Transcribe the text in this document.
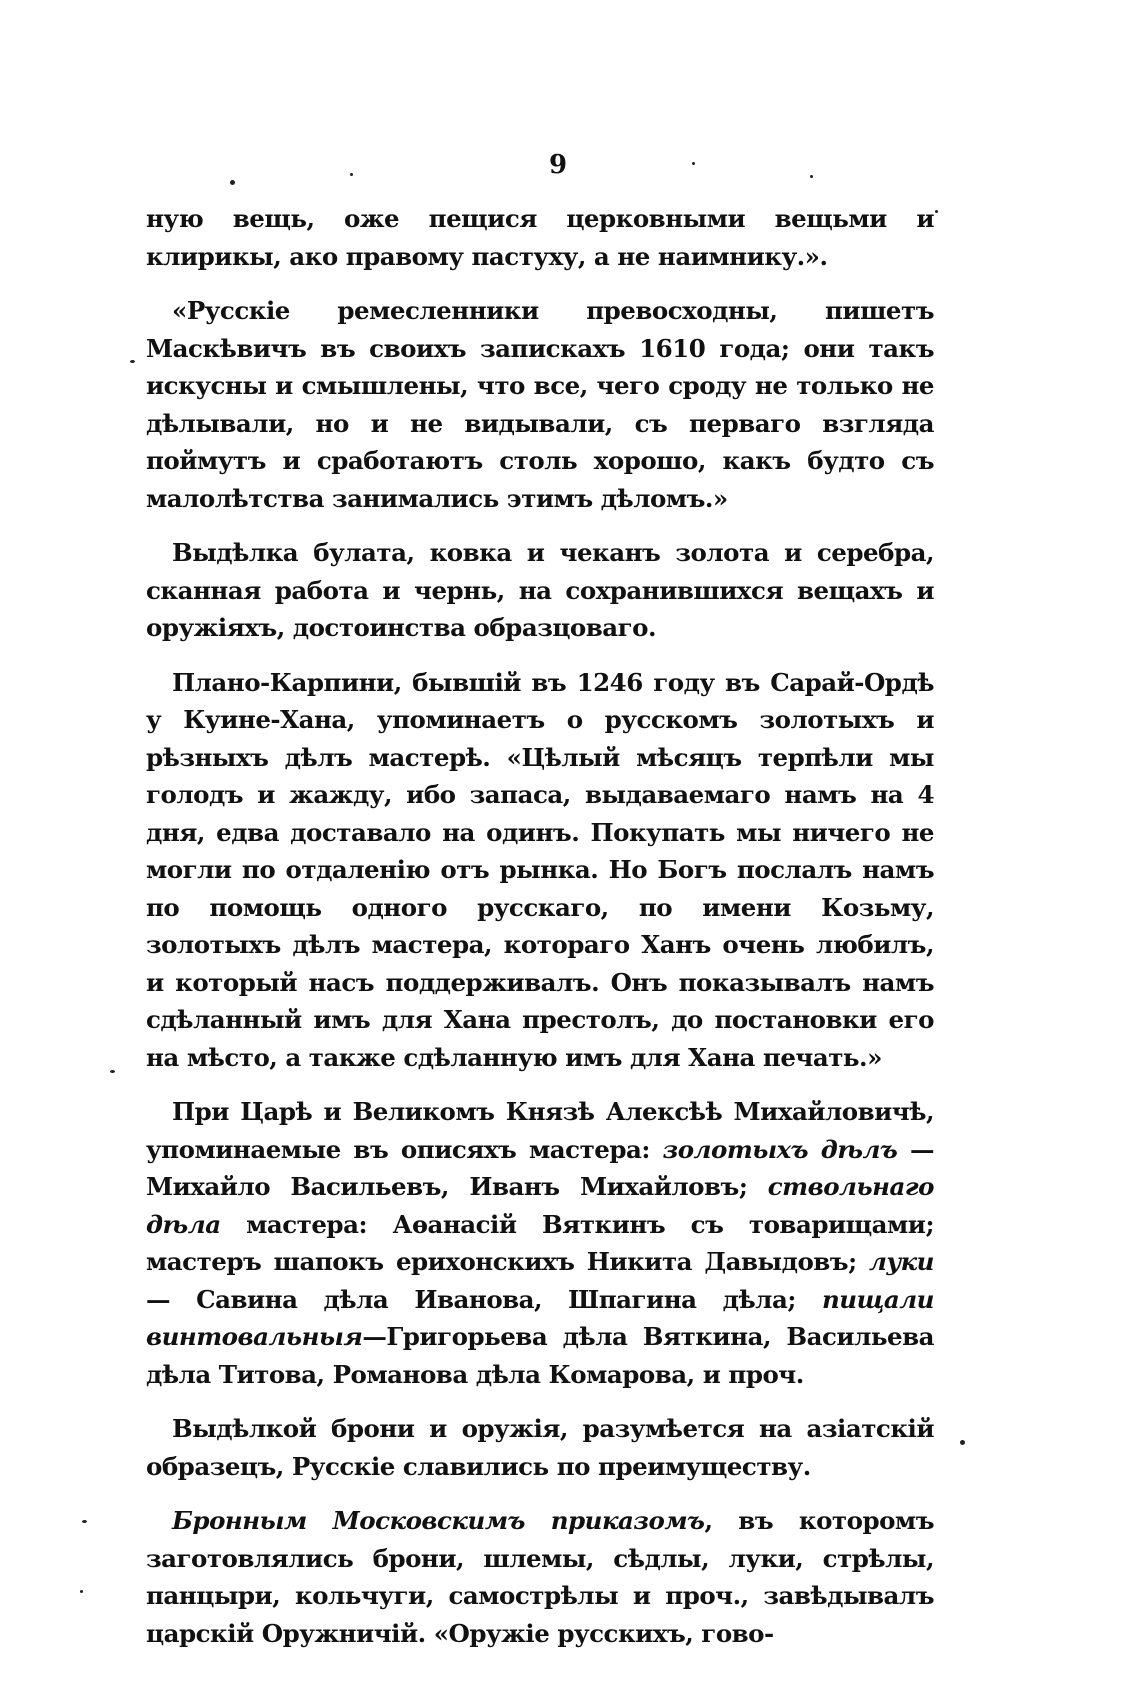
9

ную вещь, оже пещися церковными вещьми и клирикы, ако правому пастуху, а не наимнику.».

«Русскіе ремесленники превосходны, пишетъ Маскѣвичъ въ своихъ запискахъ 1610 года; они такъ искусны и смышлены, что все, чего сроду не только не дѣлывали, но и не видывали, съ перваго взгляда поймутъ и сработаютъ столь хорошо, какъ будто съ малолѣтства занимались этимъ дѣломъ.»

Выдѣлка булата, ковка и чеканъ золота и серебра, сканная работа и чернь, на сохранившихся вещахъ и оружіяхъ, достоинства образцоваго.

Плано-Карпини, бывшій въ 1246 году въ Сарай-Ордѣ у Куине-Хана, упоминаетъ о русскомъ золотыхъ и рѣзныхъ дѣлъ мастерѣ. «Цѣлый мѣсяцъ терпѣли мы голодъ и жажду, ибо запаса, выдаваемаго намъ на 4 дня, едва доставало на одинъ. Покупать мы ничего не могли по отдаленію отъ рынка. Но Богъ послалъ намъ по помощь одного русскаго, по имени Козьму, золотыхъ дѣлъ мастера, котораго Ханъ очень любилъ, и который насъ поддерживалъ. Онъ показывалъ намъ сдѣланный имъ для Хана престолъ, до постановки его на мѣсто, а также сдѣланную имъ для Хана печать.»

При Царѣ и Великомъ Князѣ Алексѣѣ Михайловичѣ, упоминаемые въ описяхъ мастера: золотыхъ дѣлъ — Михайло Васильевъ, Иванъ Михайловъ; ствольнаго дѣла мастера: Аѳанасій Вяткинъ съ товарищами; мастеръ шапокъ ерихонскихъ Никита Давыдовъ; луки— Савина дѣла Иванова, Шпагина дѣла; пищали винтовальныя—Григорьева дѣла Вяткина, Васильева дѣла Титова, Романова дѣла Комарова, и проч.

Выдѣлкой брони и оружія, разумѣется на азіатскій образецъ, Русскіе славились по преимуществу.

Бронным Московскимъ приказомъ, въ которомъ заготовлялись брони, шлемы, сѣдлы, луки, стрѣлы, панцыри, кольчуги, самострѣлы и проч., завѣдывалъ царскій Оружничій. «Оружіе русскихъ, гово-
